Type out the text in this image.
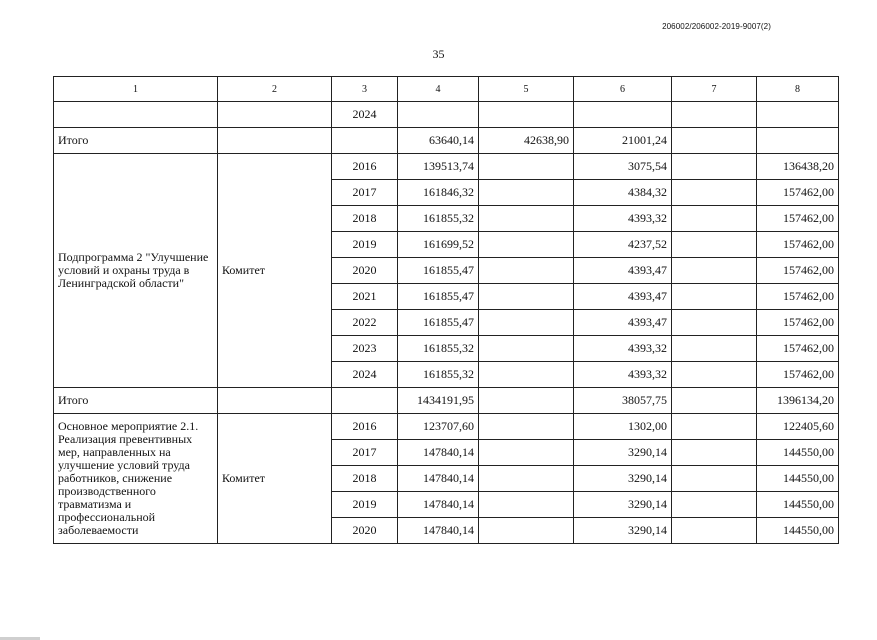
206002/206002-2019-9007(2)
35
1	2	3	4	5	6	7	8
		2024					
Итого			63640,14	42638,90	21001,24		
Подпрограмма 2 "Улучшение условий и охраны труда в Ленинградской области"	Комитет	2016	139513,74		3075,54		136438,20
		2017	161846,32		4384,32		157462,00
		2018	161855,32		4393,32		157462,00
		2019	161699,52		4237,52		157462,00
		2020	161855,47		4393,47		157462,00
		2021	161855,47		4393,47		157462,00
		2022	161855,47		4393,47		157462,00
		2023	161855,32		4393,32		157462,00
		2024	161855,32		4393,32		157462,00
Итого			1434191,95		38057,75		1396134,20
Основное мероприятие 2.1. Реализация превентивных мер, направленных на улучшение условий труда работников, снижение производственного травматизма и профессиональной заболеваемости	Комитет	2016	123707,60		1302,00		122405,60
		2017	147840,14		3290,14		144550,00
		2018	147840,14		3290,14		144550,00
		2019	147840,14		3290,14		144550,00
		2020	147840,14		3290,14		144550,00
